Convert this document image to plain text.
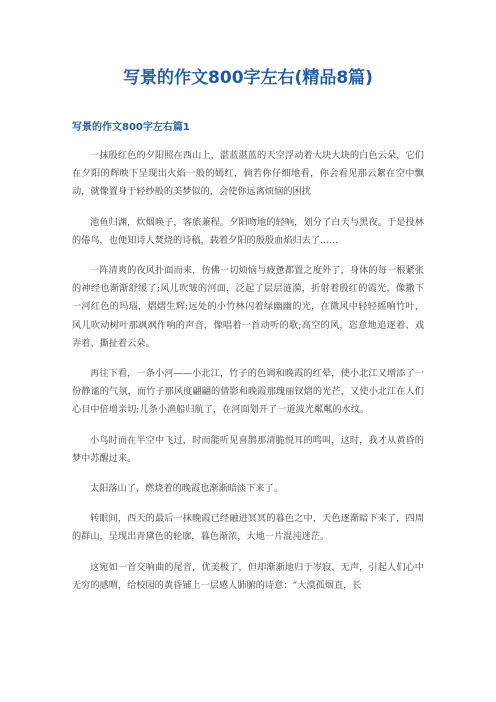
写景的作文800字左右(精品8篇)
写景的作文800字左右篇1

一抹殷红色的夕阳照在西山上，湛蓝湛蓝的天空浮动着大块大块的白色云朵，它们在夕阳的辉映下呈现出火焰一般的嫣红，倘若你仔细地看，你会看见那云絮在空中飘动，就像置身于轻纱般的美梦似的，会使你远离烦恼的困扰

池鱼归渊，炊烟唤子，客旅兼程。夕阳吻地的轻响，划分了白天与黑夜。于是投林的倦鸟，也便知诗人焚烧的诗稿，载着夕阳的殷殷血焰归去了……

一阵清爽的夜风扑面而来，仿佛一切烦恼与疲惫都置之度外了，身体的每一根紧张的神经也渐渐舒缓了;风儿吹皱的河面，泛起了层层涟漪，折射着殷红的霞光，像撒下一河红色的玛瑙，熠熠生辉;远处的小竹林闪着绿幽幽的光，在微风中轻轻摇响竹叶，风儿吹动树叶那飒飒作响的声音，像唱着一首动听的歌;高空的风，恣意地追逐着、戏弄着、撕扯着云朵。

再往下看，一条小河——小北江，竹子的色调和晚霞的红晕，使小北江又增添了一份静谧的气氛，而竹子那风度翩翩的倩影和晚霞那瑰丽钗熠的光芒，又使小北江在人们心目中倍增亲切;儿条小渔船归航了，在河面划开了一道波光粼粼的水纹。

小鸟时而在半空中飞过，时而能听见喜鹊那清脆悦耳的鸣叫，这时，我才从黄昏的梦中苏醒过来。

太阳落山了，燃烧着的晚霞也渐渐暗淡下来了。

转眼间，西天的最后一抹晚霞已经融进冥冥的暮色之中，天色逐渐暗下来了，四周的群山，呈现出青黛色的轮廓，暮色渐浓，大地一片混沌迷茫。

这宛如一首交响曲的尾音，优美极了，但却渐渐地归于岑寂、无声，引起人们心中无穷的感喟，给校园的黄昏铺上一层感人肺腑的诗意：“大漠孤烟直，长
